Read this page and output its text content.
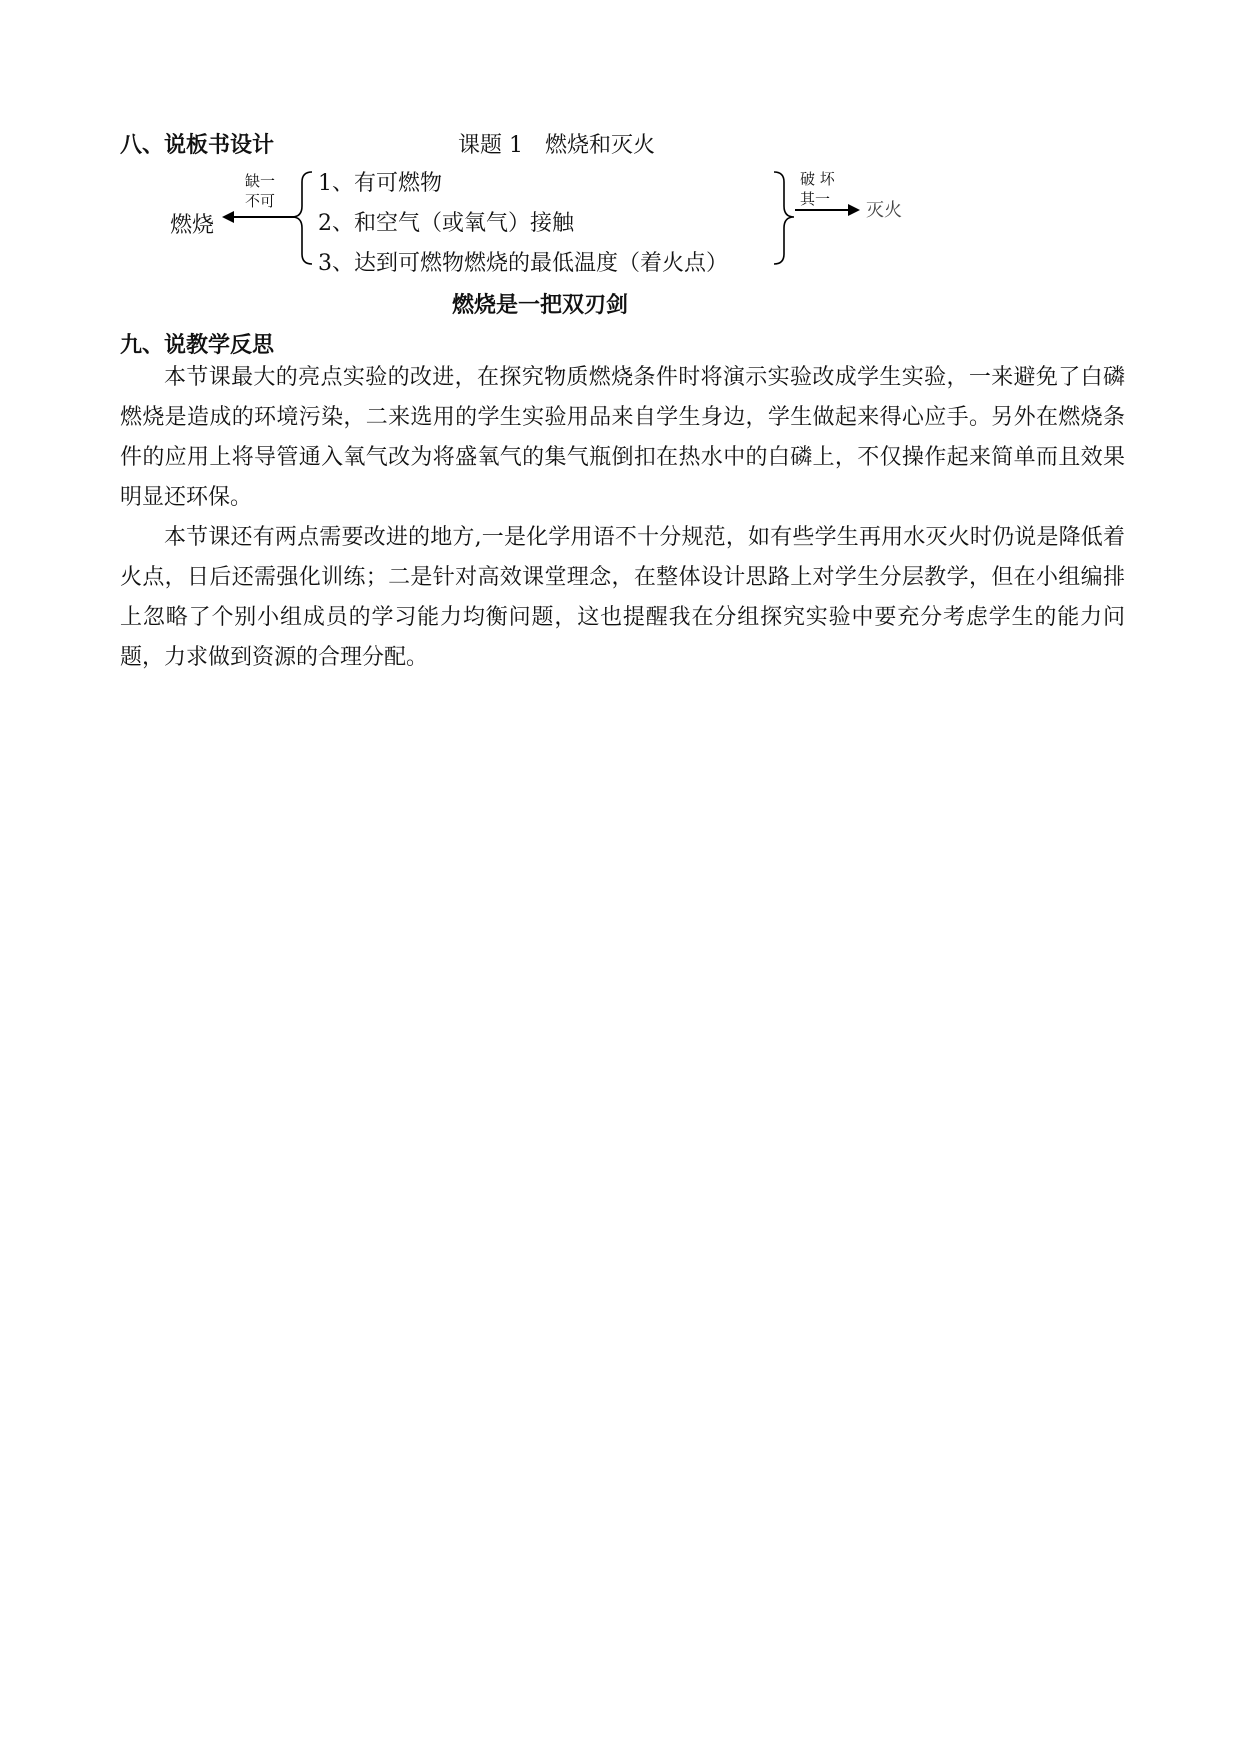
八、说板书设计	课题 1　燃烧和灭火
燃烧
缺一
不可
1、有可燃物
2、和空气（或氧气）接触
3、达到可燃物燃烧的最低温度（着火点）
破 坏
其一
灭火
燃烧是一把双刃剑
九、说教学反思

本节课最大的亮点实验的改进，在探究物质燃烧条件时将演示实验改成学生实验，一来避免了白磷燃烧是造成的环境污染，二来选用的学生实验用品来自学生身边，学生做起来得心应手。另外在燃烧条件的应用上将导管通入氧气改为将盛氧气的集气瓶倒扣在热水中的白磷上，不仅操作起来简单而且效果明显还环保。

本节课还有两点需要改进的地方,一是化学用语不十分规范，如有些学生再用水灭火时仍说是降低着火点，日后还需强化训练；二是针对高效课堂理念，在整体设计思路上对学生分层教学，但在小组编排上忽略了个别小组成员的学习能力均衡问题，这也提醒我在分组探究实验中要充分考虑学生的能力问题，力求做到资源的合理分配。
